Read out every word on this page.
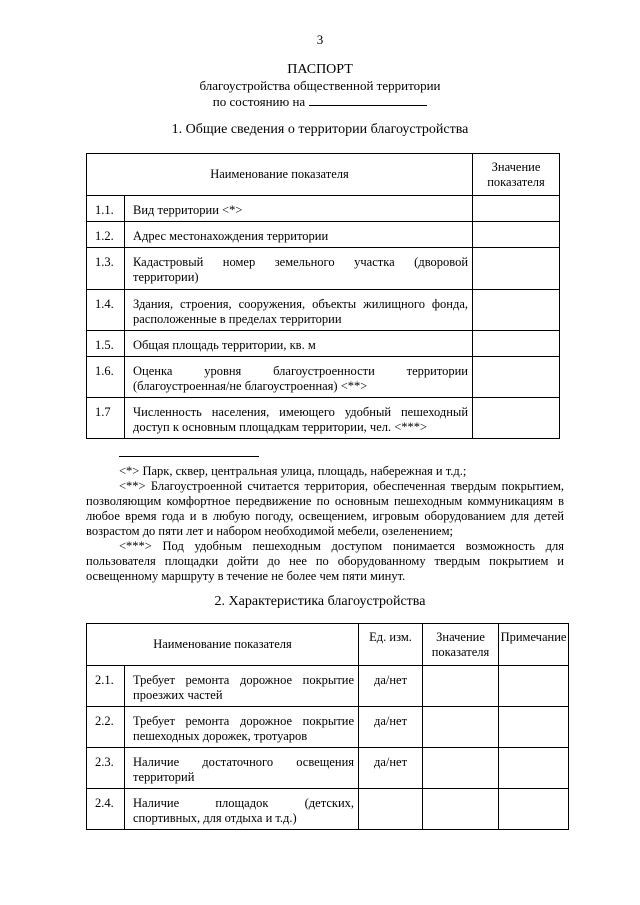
3
ПАСПОРТ
благоустройства общественной территории
по состоянию на
1. Общие сведения о территории благоустройства
Наименование показателя		Значение показателя
1.1.	Вид территории <*>	
1.2.	Адрес местонахождения территории	
1.3.	Кадастровый номер земельного участка (дворовой территории)	
1.4.	Здания, строения, сооружения, объекты жилищного фонда, расположенные в пределах территории	
1.5.	Общая площадь территории, кв. м	
1.6.	Оценка уровня благоустроенности территории (благоустроенная/не благоустроенная) <**>	
1.7	Численность населения, имеющего удобный пешеходный доступ к основным площадкам территории, чел. <***>	
<*> Парк, сквер, центральная улица, площадь, набережная и т.д.;
<**> Благоустроенной считается территория, обеспеченная твердым покрытием, позволяющим комфортное передвижение по основным пешеходным коммуникациям в любое время года и в любую погоду, освещением, игровым оборудованием для детей возрастом до пяти лет и набором необходимой мебели, озеленением;
<***> Под удобным пешеходным доступом понимается возможность для пользователя площадки дойти до нее по оборудованному твердым покрытием и освещенному маршруту в течение не более чем пяти минут.
2. Характеристика благоустройства
Наименование показателя		Ед. изм.	Значение показателя	Примечание
2.1.	Требует ремонта дорожное покрытие проезжих частей	да/нет		
2.2.	Требует ремонта дорожное покрытие пешеходных дорожек, тротуаров	да/нет		
2.3.	Наличие достаточного освещения территорий	да/нет		
2.4.	Наличие площадок (детских, спортивных, для отдыха и т.д.)			
